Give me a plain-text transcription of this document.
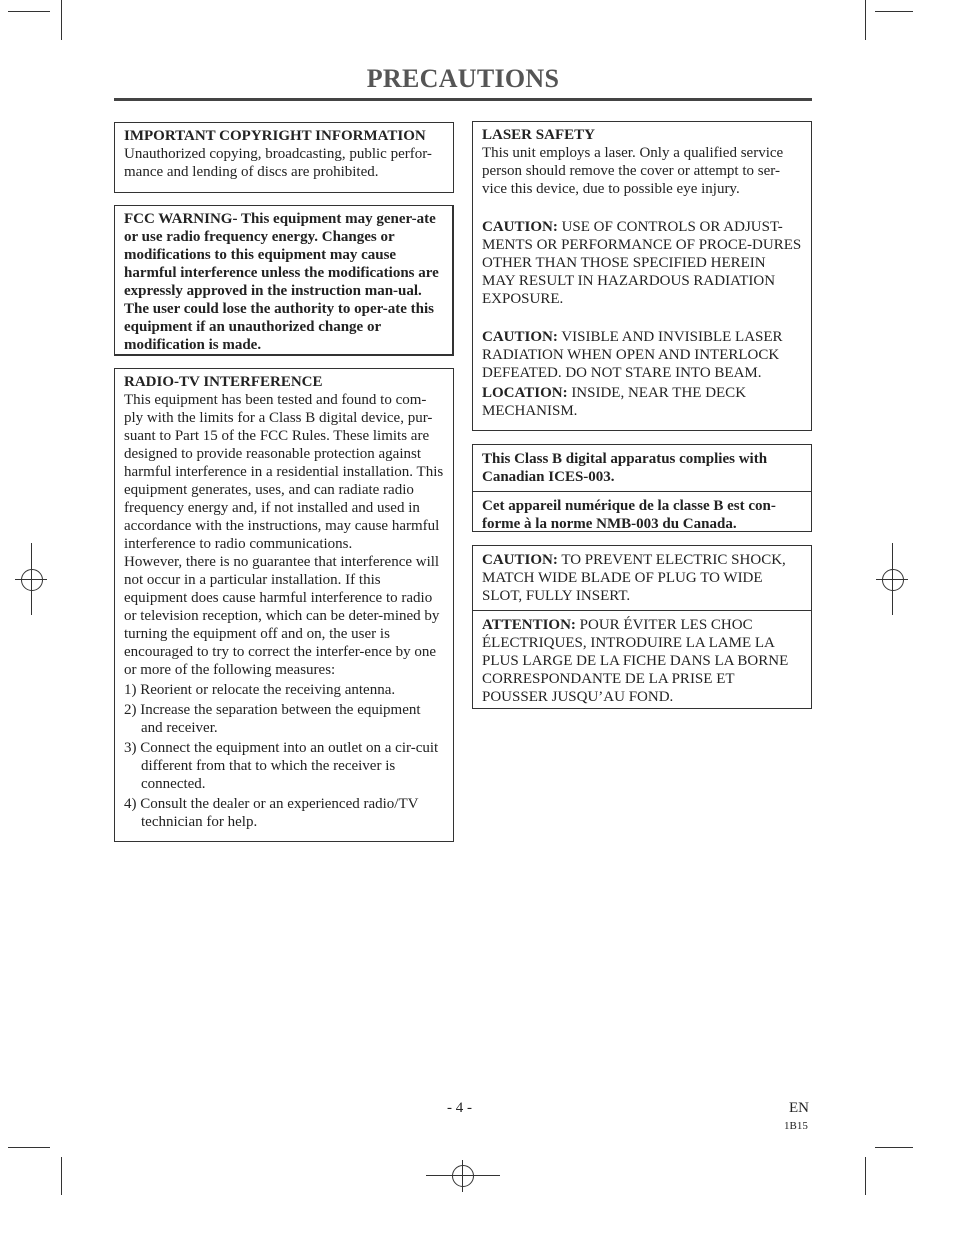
PRECAUTIONS
IMPORTANT COPYRIGHT INFORMATION

Unauthorized copying, broadcasting, public perfor-mance and lending of discs are prohibited.

FCC WARNING- This equipment may gener-ate or use radio frequency energy. Changes or modifications to this equipment may cause harmful interference unless the modifications are expressly approved in the instruction man-ual. The user could lose the authority to oper-ate this equipment if an unauthorized change or modification is made.

RADIO-TV INTERFERENCE

This equipment has been tested and found to com-ply with the limits for a Class B digital device, pur-suant to Part 15 of the FCC Rules. These limits are designed to provide reasonable protection against harmful interference in a residential installation. This equipment generates, uses, and can radiate radio frequency energy and, if not installed and used in accordance with the instructions, may cause harmful interference to radio communications.

However, there is no guarantee that interference will not occur in a particular installation. If this equipment does cause harmful interference to radio or television reception, which can be deter-mined by turning the equipment off and on, the user is encouraged to try to correct the interfer-ence by one or more of the following measures:

1) Reorient or relocate the receiving antenna.
2) Increase the separation between the equipment and receiver.
3) Connect the equipment into an outlet on a cir-cuit different from that to which the receiver is connected.
4) Consult the dealer or an experienced radio/TV technician for help.
LASER SAFETY

This unit employs a laser. Only a qualified service person should remove the cover or attempt to ser-vice this device, due to possible eye injury.

CAUTION: USE OF CONTROLS OR ADJUST-MENTS OR PERFORMANCE OF PROCE-DURES OTHER THAN THOSE SPECIFIED HEREIN MAY RESULT IN HAZARDOUS RADIATION EXPOSURE.

CAUTION: VISIBLE AND INVISIBLE LASER RADIATION WHEN OPEN AND INTERLOCK DEFEATED. DO NOT STARE INTO BEAM.

LOCATION: INSIDE, NEAR THE DECK MECHANISM.

This Class B digital apparatus complies with Canadian ICES-003.
Cet appareil numérique de la classe B est con-forme à la norme NMB-003 du Canada.
CAUTION: TO PREVENT ELECTRIC SHOCK, MATCH WIDE BLADE OF PLUG TO WIDE SLOT, FULLY INSERT.
ATTENTION: POUR ÉVITER LES CHOC ÉLECTRIQUES, INTRODUIRE LA LAME LA PLUS LARGE DE LA FICHE DANS LA BORNE CORRESPONDANTE DE LA PRISE ET POUSSER JUSQU’AU FOND.
- 4 -	EN
1B15
